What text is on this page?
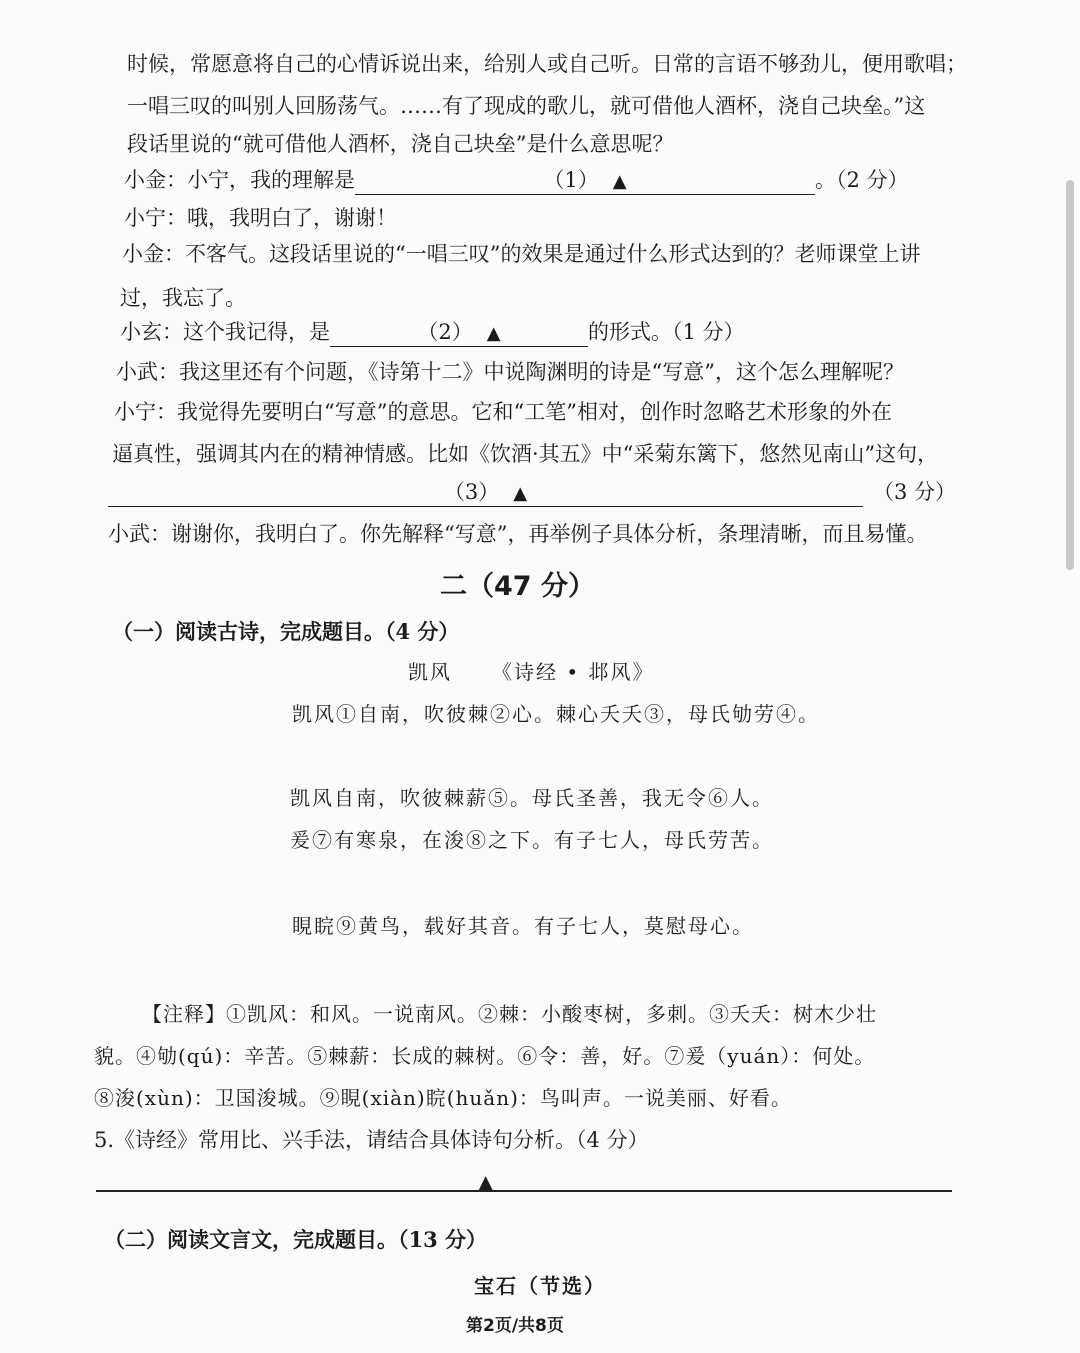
时候，常愿意将自己的心情诉说出来，给别人或自己听。日常的言语不够劲儿，便用歌唱；
一唱三叹的叫别人回肠荡气。……有了现成的歌儿，就可借他人酒杯，浇自己块垒。”这
段话里说的“就可借他人酒杯，浇自己块垒”是什么意思呢？
小金：小宁，我的理解是	（1） ▲	。（2 分）
小宁：哦，我明白了，谢谢！
小金：不客气。这段话里说的“一唱三叹”的效果是通过什么形式达到的？老师课堂上讲
过，我忘了。
小玄：这个我记得，是	（2） ▲	的形式。（1 分）
小武：我这里还有个问题，《诗第十二》中说陶渊明的诗是“写意”，这个怎么理解呢？
小宁：我觉得先要明白“写意”的意思。它和“工笔”相对，创作时忽略艺术形象的外在
逼真性，强调其内在的精神情感。比如《饮酒·其五》中“采菊东篱下，悠然见南山”这句，
（3） ▲	（3 分）
小武：谢谢你，我明白了。你先解释“写意”，再举例子具体分析，条理清晰，而且易懂。
二（47 分）
（一）阅读古诗，完成题目。（4 分）
凯风 《诗经 • 邶风》
凯风①自南，吹彼棘②心。棘心夭夭③，母氏劬劳④。
凯风自南，吹彼棘薪⑤。母氏圣善，我无令⑥人。
爰⑦有寒泉，在浚⑧之下。有子七人，母氏劳苦。
睍睆⑨黄鸟，载好其音。有子七人，莫慰母心。
【注释】①凯风：和风。一说南风。②棘：小酸枣树，多刺。③夭夭：树木少壮
貌。④劬(qú)：辛苦。⑤棘薪：长成的棘树。⑥令：善，好。⑦爰（yuán）：何处。
⑧浚(xùn)：卫国浚城。⑨睍(xiàn)睆(huǎn)：鸟叫声。一说美丽、好看。
5.《诗经》常用比、兴手法，请结合具体诗句分析。（4 分）
▲
（二）阅读文言文，完成题目。（13 分）
宝石（节选）
第2页/共8页
